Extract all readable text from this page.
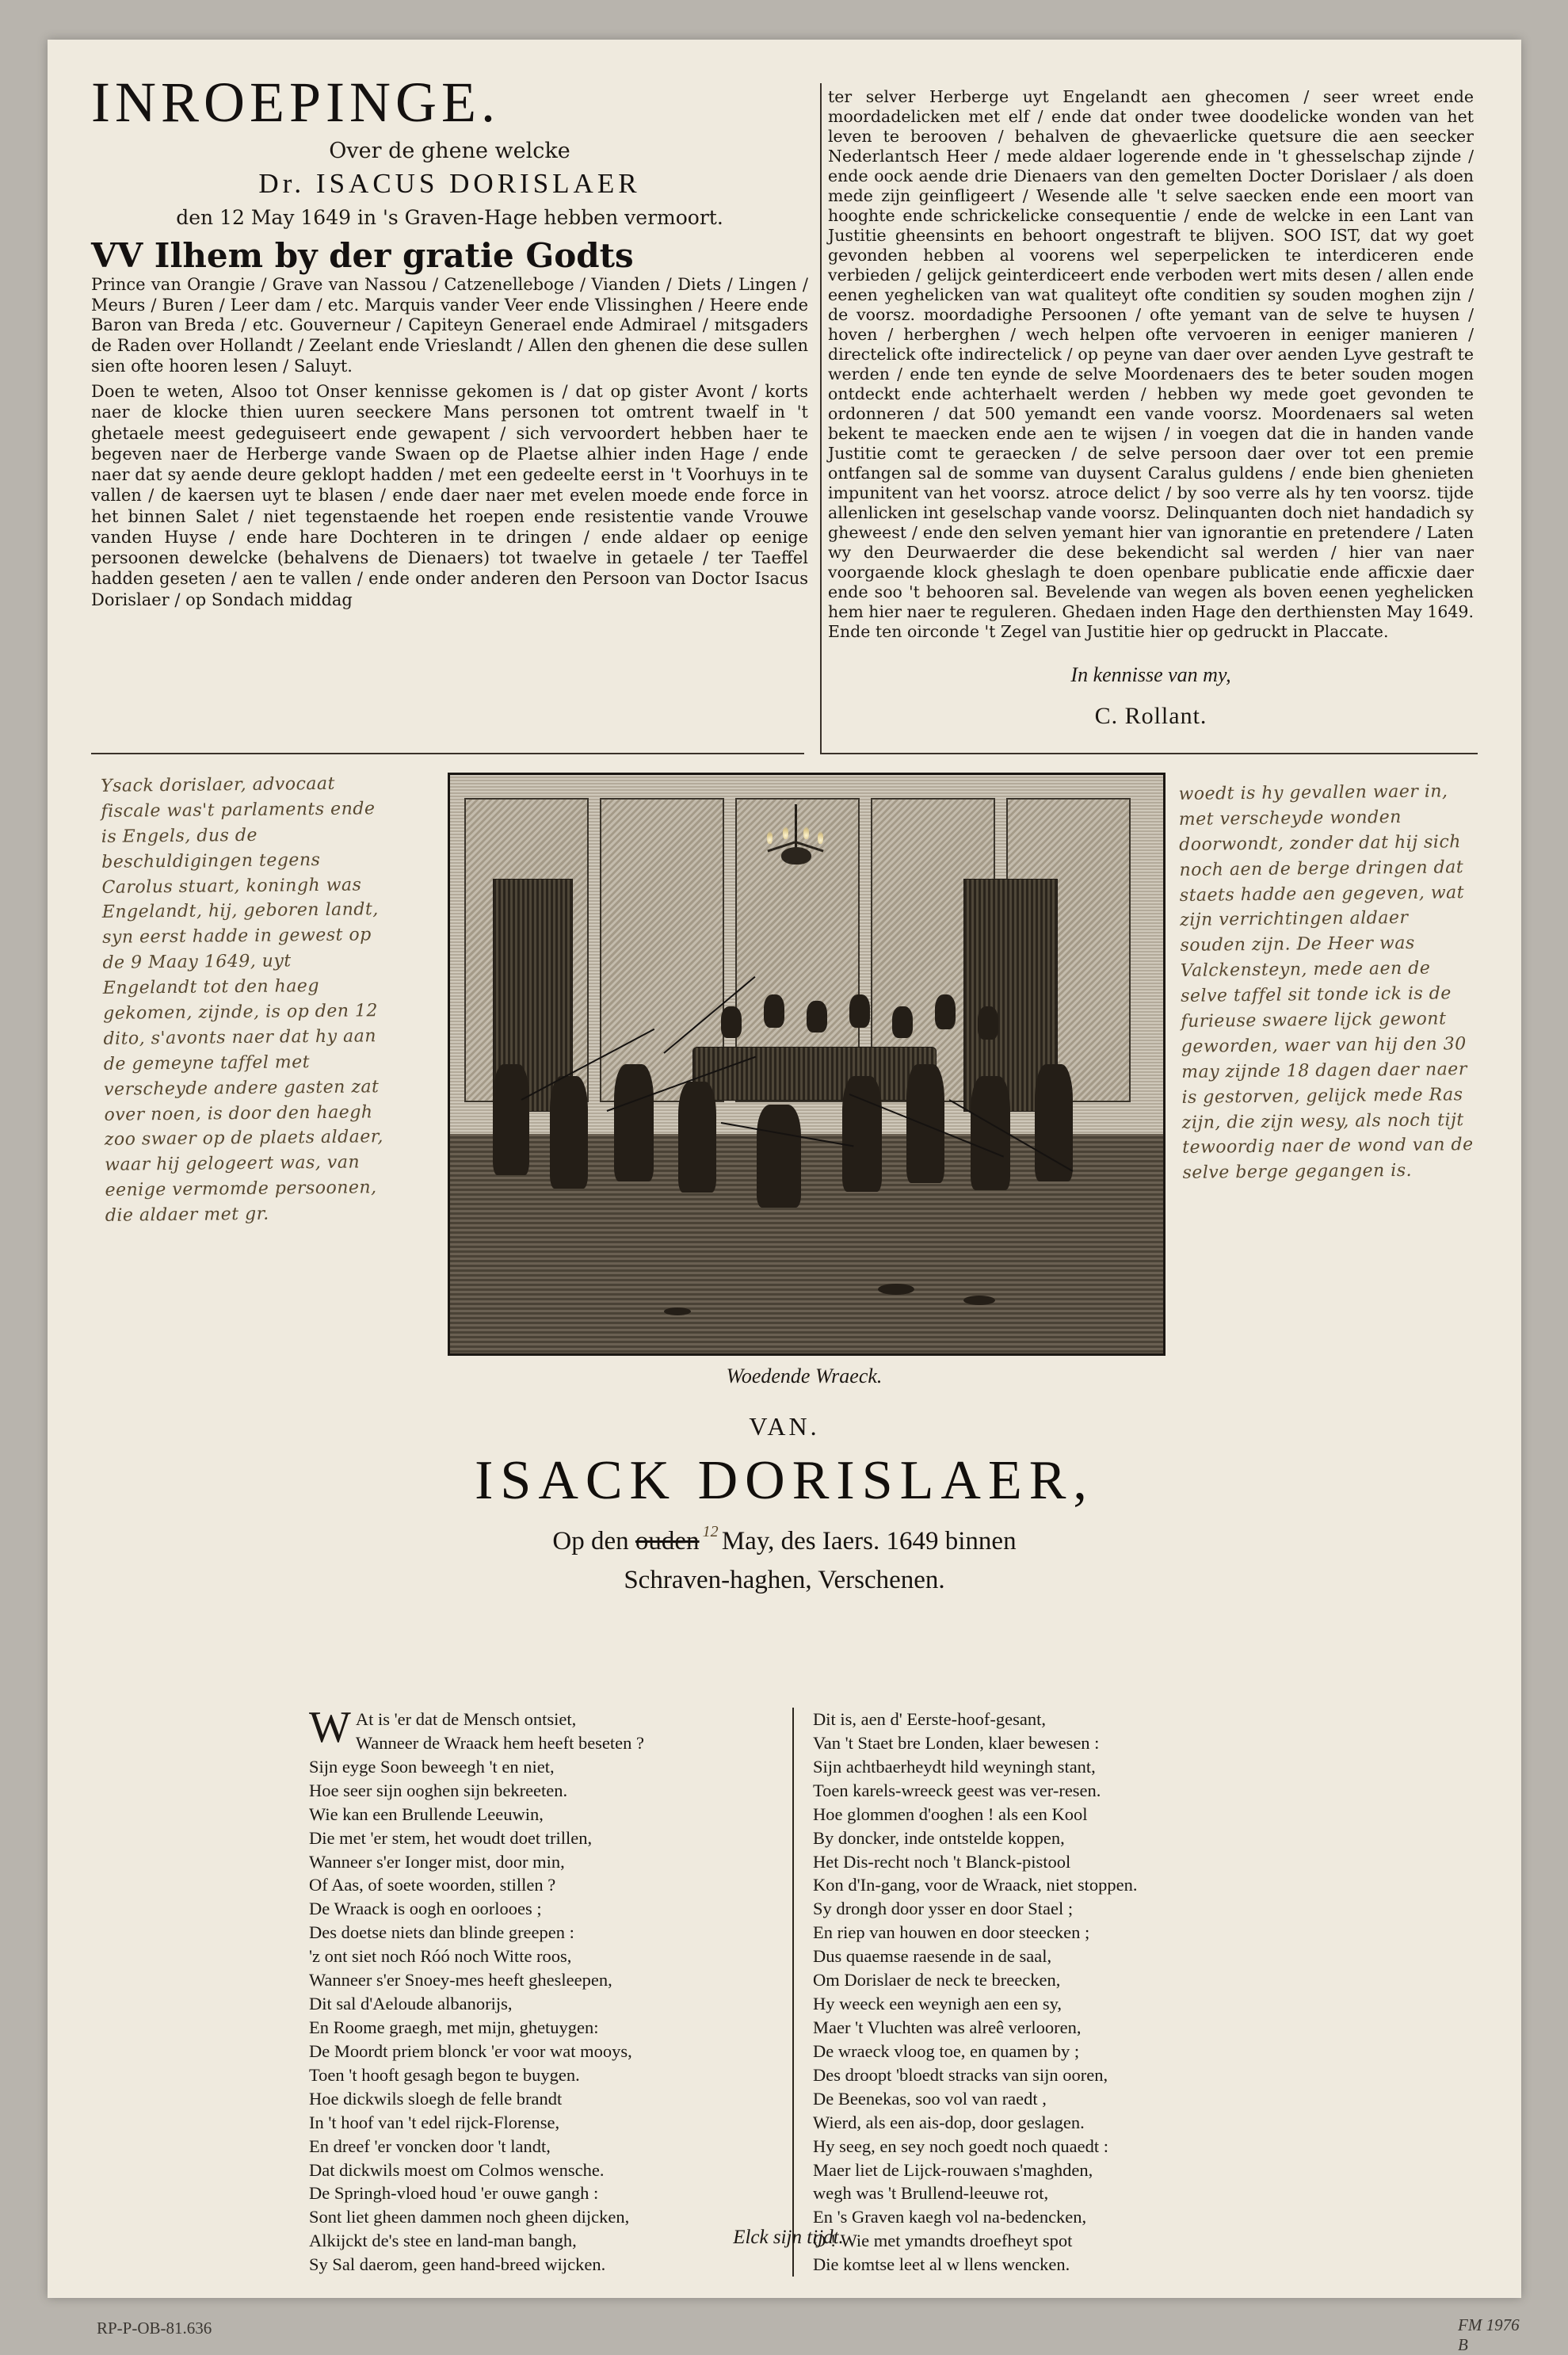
INROEPINGE.
Over de ghene welcke
Dr. ISACUS DORISLAER
den 12 May 1649 in 's Graven-Hage hebben vermoort.
VV Ilhem by der gratie Godts
Prince van Orangie / Grave van Nassou / Catzenelleboge / Vianden / Diets / Lingen / Meurs / Buren / Leer dam / etc. Marquis vander Veer ende Vlissinghen / Heere ende Baron van Breda / etc. Gouverneur / Capiteyn Generael ende Admirael / mitsgaders de Raden over Hollandt / Zeelant ende Vrieslandt / Allen den ghenen die dese sullen sien ofte hooren lesen / Saluyt.
Doen te weten, Alsoo tot Onser kennisse gekomen is / dat op gister Avont / korts naer de klocke thien uuren seeckere Mans personen tot omtrent twaelf in 't ghetaele meest gedeguiseert ende gewapent / sich vervoordert hebben haer te begeven naer de Herberge vande Swaen op de Plaetse alhier inden Hage / ende naer dat sy aende deure geklopt hadden / met een gedeelte eerst in 't Voorhuys in te vallen / de kaersen uyt te blasen / ende daer naer met evelen moede ende force in het binnen Salet / niet tegenstaende het roepen ende resistentie vande Vrouwe vanden Huyse / ende hare Dochteren in te dringen / ende aldaer op eenige persoonen dewelcke (behalvens de Dienaers) tot twaelve in getaele / ter Taeffel hadden geseten / aen te vallen / ende onder anderen den Persoon van Doctor Isacus Dorislaer / op Sondach middag
ter selver Herberge uyt Engelandt aen ghecomen / seer wreet ende moordadelicken met elf / ende dat onder twee doodelicke wonden van het leven te berooven / behalven de ghevaerlicke quetsure die aen seecker Nederlantsch Heer / mede aldaer logerende ende in 't ghesselschap zijnde / ende oock aende drie Dienaers van den gemelten Docter Dorislaer / als doen mede zijn geinfligeert / Wesende alle 't selve saecken ende een moort van hooghte ende schrickelicke consequentie / ende de welcke in een Lant van Justitie gheensints en behoort ongestraft te blijven. SOO IST, dat wy goet gevonden hebben al voorens wel seperpelicken te interdiceren ende verbieden / gelijck geinterdiceert ende verboden wert mits desen / allen ende eenen yeghelicken van wat qualiteyt ofte conditien sy souden moghen zijn / de voorsz. moordadighe Persoonen / ofte yemant van de selve te huysen / hoven / herberghen / wech helpen ofte vervoeren in eeniger manieren / directelick ofte indirectelick / op peyne van daer over aenden Lyve gestraft te werden / ende ten eynde de selve Moordenaers des te beter souden mogen ontdeckt ende achterhaelt werden / hebben wy mede goet gevonden te ordonneren / dat 500 yemandt een vande voorsz. Moordenaers sal weten bekent te maecken ende aen te wijsen / in voegen dat die in handen vande Justitie comt te geraecken / de selve persoon daer over tot een premie ontfangen sal de somme van duysent Caralus guldens / ende bien ghenieten impunitent van het voorsz. atroce delict / by soo verre als hy ten voorsz. tijde allenlicken int geselschap vande voorsz. Delinquanten doch niet handadich sy gheweest / ende den selven yemant hier van ignorantie en pretendere / Laten wy den Deurwaerder die dese bekendicht sal werden / hier van naer voorgaende klock gheslagh te doen openbare publicatie ende afficxie daer ende soo 't behooren sal. Bevelende van wegen als boven eenen yeghelicken hem hier naer te reguleren. Ghedaen inden Hage den derthiensten May 1649. Ende ten oirconde 't Zegel van Justitie hier op gedruckt in Placcate.
In kennisse van my,
C. Rollant.
Ysack dorislaer, advocaat fiscale was't parlaments ende is Engels, dus de beschuldigingen tegens Carolus stuart, koningh was Engelandt, hij, geboren landt, syn eerst hadde in gewest op de 9 Maay 1649, uyt Engelandt tot den haeg gekomen, zijnde, is op den 12 dito, s'avonts naer dat hy aan de gemeyne taffel met verscheyde andere gasten zat over noen, is door den haegh zoo swaer op de plaets aldaer, waar hij gelogeert was, van eenige vermomde persoonen, die aldaer met gr.
Woedende Wraeck.
woedt is hy gevallen waer in, met verscheyde wonden doorwondt, zonder dat hij sich noch aen de berge dringen dat staets hadde aen gegeven, wat zijn verrichtingen aldaer souden zijn. De Heer was Valckensteyn, mede aen de selve taffel sit tonde ick is de furieuse swaere lijck gewont geworden, waer van hij den 30 may zijnde 18 dagen daer naer is gestorven, gelijck mede Ras zijn, die zijn wesy, als noch tijt tewoordig naer de wond van de selve berge gegangen is.
VAN.
ISACK DORISLAER,
Op den ouden $^{12}$ May, des Iaers. 1649 binnen
Schraven-haghen, Verschenen.
W At is 'er dat de Mensch ontsiet,
Wanneer de Wraack hem heeft beseten ?
Sijn eyge Soon beweegh 't en niet,
Hoe seer sijn ooghen sijn bekreeten.
Wie kan een Brullende Leeuwin,
Die met 'er stem, het woudt doet trillen,
Wanneer s'er Ionger mist, door min,
Of Aas, of soete woorden, stillen ?
De Wraack is oogh en oorlooes ;
Des doetse niets dan blinde greepen :
'z ont siet noch Róó noch Witte roos,
Wanneer s'er Snoey-mes heeft ghesleepen,
Dit sal d'Aeloude albanorijs,
En Roome graegh, met mijn, ghetuygen:
De Moordt priem blonck 'er voor wat mooys,
Toen 't hooft gesagh begon te buygen.
Hoe dickwils sloegh de felle brandt
In 't hoof van 't edel rijck-Florense,
En dreef 'er voncken door 't landt,
Dat dickwils moest om Colmos wensche.
De Springh-vloed houd 'er ouwe gangh :
Sont liet gheen dammen noch gheen dijcken,
Alkijckt de's stee en land-man bangh,
Sy Sal daerom, geen hand-breed wijcken.
Dit is, aen d' Eerste-hoof-gesant,
Van 't Staet bre Londen, klaer bewesen :
Sijn achtbaerheydt hild weyningh stant,
Toen karels-wreeck geest was ver-resen.
Hoe glommen d'ooghen ! als een Kool
By doncker, inde ontstelde koppen,
Het Dis-recht noch 't Blanck-pistool
Kon d'In-gang, voor de Wraack, niet stoppen.
Sy drongh door ysser en door Stael ;
En riep van houwen en door steecken ;
Dus quaemse raesende in de saal,
Om Dorislaer de neck te breecken,
Hy weeck een weynigh aen een sy,
Maer 't Vluchten was alreê verlooren,
De wraeck vloog toe, en quamen by ;
Des droopt 'bloedt stracks van sijn ooren,
De Beenekas, soo vol van raedt ,
Wierd, als een ais-dop, door geslagen.
Hy seeg, en sey noch goedt noch quaedt :
Maer liet de Lijck-rouwaen s'maghden,
wegh was 't Brullend-leeuwe rot,
En 's Graven kaegh vol na-bedencken,
O ! Wie met ymandts droefheyt spot
Die komtse leet al w llens wencken.
Elck sijn tijdt.
RP-P-OB-81.636	FM 1976 B
